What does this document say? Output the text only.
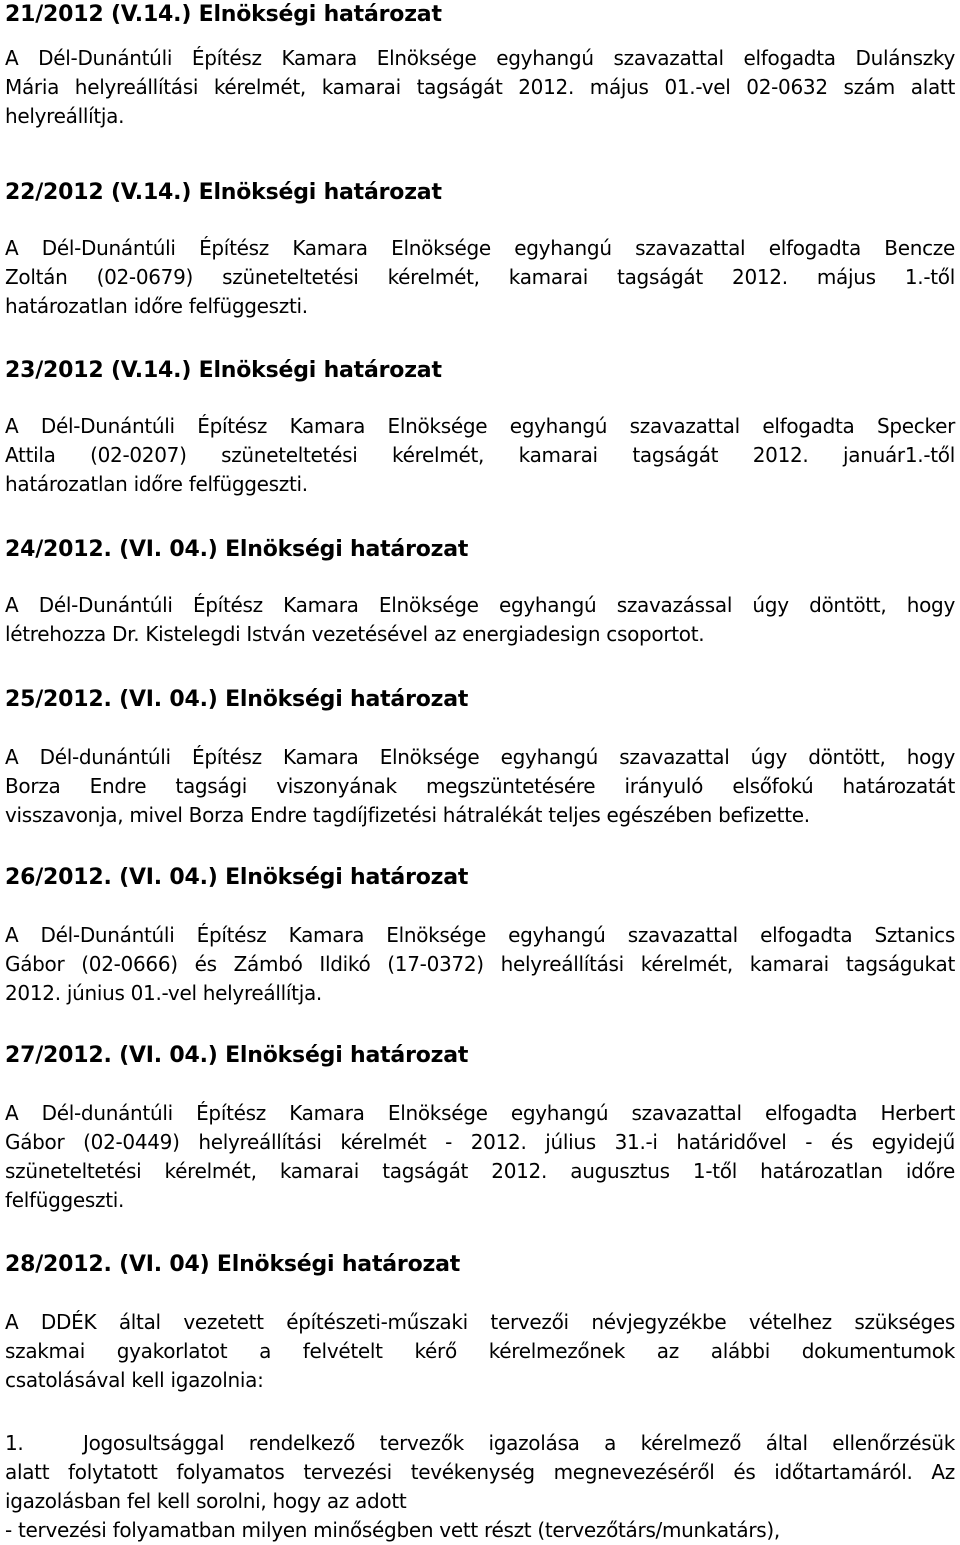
21/2012 (V.14.) Elnökségi határozat
A Dél-Dunántúli Építész Kamara Elnöksége egyhangú szavazattal elfogadta Dulánszky
Mária helyreállítási kérelmét, kamarai tagságát 2012. május 01.-vel 02-0632 szám alatt
helyreállítja.
22/2012 (V.14.) Elnökségi határozat
A Dél-Dunántúli Építész Kamara Elnöksége egyhangú szavazattal elfogadta Bencze
Zoltán (02-0679) szüneteltetési kérelmét, kamarai tagságát 2012. május 1.-től
határozatlan időre felfüggeszti.
23/2012 (V.14.) Elnökségi határozat
A Dél-Dunántúli Építész Kamara Elnöksége egyhangú szavazattal elfogadta Specker
Attila (02-0207) szüneteltetési kérelmét, kamarai tagságát 2012. január1.-től
határozatlan időre felfüggeszti.
24/2012. (VI. 04.) Elnökségi határozat
A Dél-Dunántúli Építész Kamara Elnöksége egyhangú szavazással úgy döntött, hogy
létrehozza Dr. Kistelegdi István vezetésével az energiadesign csoportot.
25/2012. (VI. 04.) Elnökségi határozat
A Dél-dunántúli Építész Kamara Elnöksége egyhangú szavazattal úgy döntött, hogy
Borza Endre tagsági viszonyának megszüntetésére irányuló elsőfokú határozatát
visszavonja, mivel Borza Endre tagdíjfizetési hátralékát teljes egészében befizette.
26/2012. (VI. 04.) Elnökségi határozat
A Dél-Dunántúli Építész Kamara Elnöksége egyhangú szavazattal elfogadta Sztanics
Gábor (02-0666) és Zámbó Ildikó (17-0372) helyreállítási kérelmét, kamarai tagságukat
2012. június 01.-vel helyreállítja.
27/2012. (VI. 04.) Elnökségi határozat
A Dél-dunántúli Építész Kamara Elnöksége egyhangú szavazattal elfogadta Herbert
Gábor (02-0449) helyreállítási kérelmét - 2012. július 31.-i határidővel - és egyidejű
szüneteltetési kérelmét, kamarai tagságát 2012. augusztus 1-től határozatlan időre
felfüggeszti.
28/2012. (VI. 04) Elnökségi határozat
A DDÉK által vezetett építészeti-műszaki tervezői névjegyzékbe vételhez szükséges
szakmai gyakorlatot a felvételt kérő kérelmezőnek az alábbi dokumentumok
csatolásával kell igazolnia:
1.	Jogosultsággal rendelkező tervezők igazolása a kérelmező által ellenőrzésük
alatt folytatott folyamatos tervezési tevékenység megnevezéséről és időtartamáról. Az
igazolásban fel kell sorolni, hogy az adott
- tervezési folyamatban milyen minőségben vett részt (tervezőtárs/munkatárs),
